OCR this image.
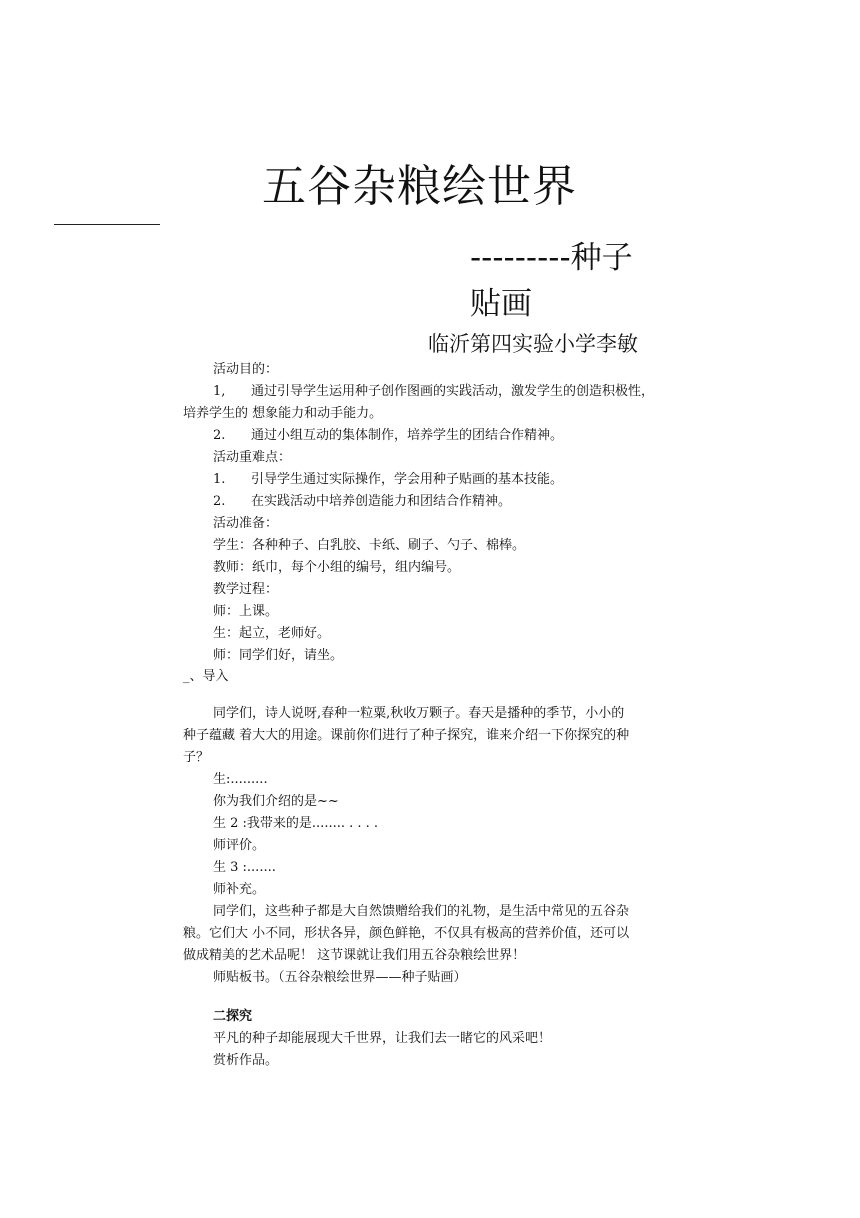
五谷杂粮绘世界
---------种子
贴画
临沂第四实验小学李敏
活动目的：
1, 通过引导学生运用种子创作图画的实践活动，激发学生的创造积极性，
培养学生的 想象能力和动手能力。
2. 通过小组互动的集体制作，培养学生的团结合作精神。
活动重难点：
1. 引导学生通过实际操作，学会用种子贴画的基本技能。
2. 在实践活动中培养创造能力和团结合作精神。
活动准备：
学生：各种种子、白乳胶、卡纸、刷子、勺子、棉棒。
教师：纸巾，每个小组的编号，组内编号。
教学过程：
师：上课。
生：起立，老师好。
师：同学们好，请坐。
_、导入
同学们，诗人说呀,春种一粒粟,秋收万颗子。春天是播种的季节，小小的
种子蕴藏 着大大的用途。课前你们进行了种子探究，谁来介绍一下你探究的种
子？
生:.........
你为我们介绍的是~~
生 2 :我带来的是........ . . . .
师评价。
生 3 :.......
师补充。
同学们，这些种子都是大自然馈赠给我们的礼物，是生活中常见的五谷杂
粮。它们大 小不同，形状各异，颜色鲜艳，不仅具有极高的营养价值，还可以
做成精美的艺术品呢！ 这节课就让我们用五谷杂粮绘世界！
师贴板书。（五谷杂粮绘世界——种子贴画）
二探究
平凡的种子却能展现大千世界，让我们去一睹它的风采吧！
赏析作品。
